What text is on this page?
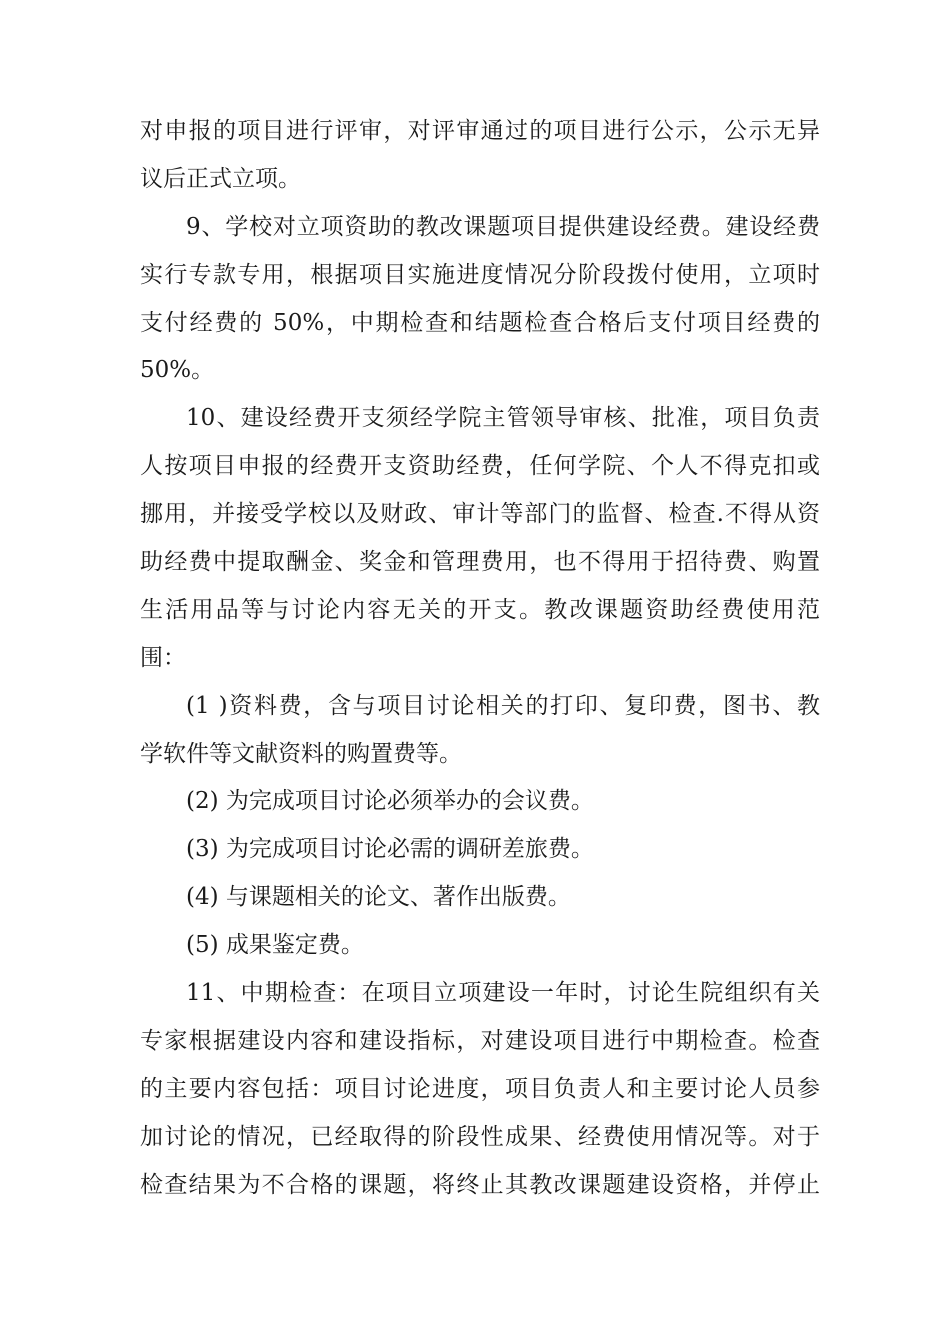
对申报的项目进行评审，对评审通过的项目进行公示，公示无异
议后正式立项。
9、学校对立项资助的教改课题项目提供建设经费。建设经费
实行专款专用，根据项目实施进度情况分阶段拨付使用，立项时
支付经费的 50%，中期检查和结题检查合格后支付项目经费的
50%。
10、建设经费开支须经学院主管领导审核、批准，项目负责
人按项目申报的经费开支资助经费，任何学院、个人不得克扣或
挪用，并接受学校以及财政、审计等部门的监督、检查.不得从资
助经费中提取酬金、奖金和管理费用，也不得用于招待费、购置
生活用品等与讨论内容无关的开支。教改课题资助经费使用范
围：
(1 )资料费，含与项目讨论相关的打印、复印费，图书、教
学软件等文献资料的购置费等。
(2) 为完成项目讨论必须举办的会议费。
(3) 为完成项目讨论必需的调研差旅费。
(4) 与课题相关的论文、著作出版费。
(5) 成果鉴定费。
11、中期检查：在项目立项建设一年时，讨论生院组织有关
专家根据建设内容和建设指标，对建设项目进行中期检查。检查
的主要内容包括：项目讨论进度，项目负责人和主要讨论人员参
加讨论的情况，已经取得的阶段性成果、经费使用情况等。对于
检查结果为不合格的课题，将终止其教改课题建设资格，并停止
